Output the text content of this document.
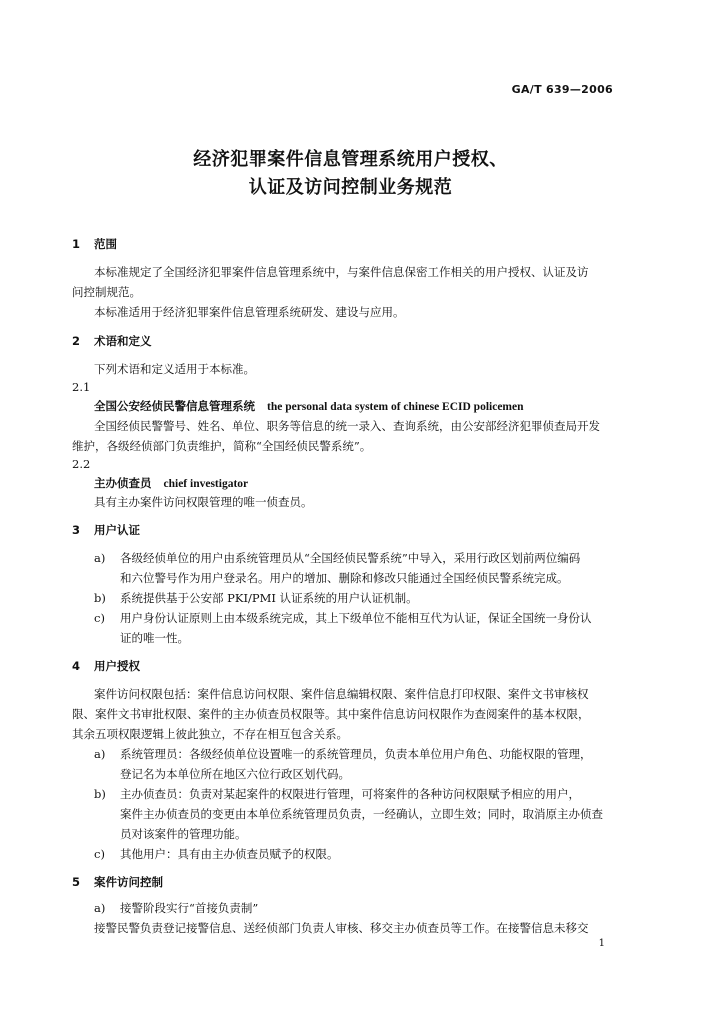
GA/T 639—2006
经济犯罪案件信息管理系统用户授权、
认证及访问控制业务规范
1 范围
本标准规定了全国经济犯罪案件信息管理系统中，与案件信息保密工作相关的用户授权、认证及访
问控制规范。
本标准适用于经济犯罪案件信息管理系统研发、建设与应用。
2 术语和定义
下列术语和定义适用于本标准。
2.1
全国公安经侦民警信息管理系统 the personal data system of chinese ECID policemen
全国经侦民警警号、姓名、单位、职务等信息的统一录入、查询系统，由公安部经济犯罪侦查局开发
维护，各级经侦部门负责维护，简称“全国经侦民警系统”。
2.2
主办侦查员 chief investigator
具有主办案件访问权限管理的唯一侦查员。
3 用户认证
a) 各级经侦单位的用户由系统管理员从“全国经侦民警系统”中导入，采用行政区划前两位编码
和六位警号作为用户登录名。用户的增加、删除和修改只能通过全国经侦民警系统完成。
b) 系统提供基于公安部 PKI/PMI 认证系统的用户认证机制。
c) 用户身份认证原则上由本级系统完成，其上下级单位不能相互代为认证，保证全国统一身份认
证的唯一性。
4 用户授权
案件访问权限包括：案件信息访问权限、案件信息编辑权限、案件信息打印权限、案件文书审核权
限、案件文书审批权限、案件的主办侦查员权限等。其中案件信息访问权限作为查阅案件的基本权限，
其余五项权限逻辑上彼此独立，不存在相互包含关系。
a) 系统管理员：各级经侦单位设置唯一的系统管理员，负责本单位用户角色、功能权限的管理，
登记名为本单位所在地区六位行政区划代码。
b) 主办侦查员：负责对某起案件的权限进行管理，可将案件的各种访问权限赋予相应的用户，
案件主办侦查员的变更由本单位系统管理员负责，一经确认，立即生效；同时，取消原主办侦查
员对该案件的管理功能。
c) 其他用户：具有由主办侦查员赋予的权限。
5 案件访问控制
a) 接警阶段实行“首接负责制”
接警民警负责登记接警信息、送经侦部门负责人审核、移交主办侦查员等工作。在接警信息未移交
1
